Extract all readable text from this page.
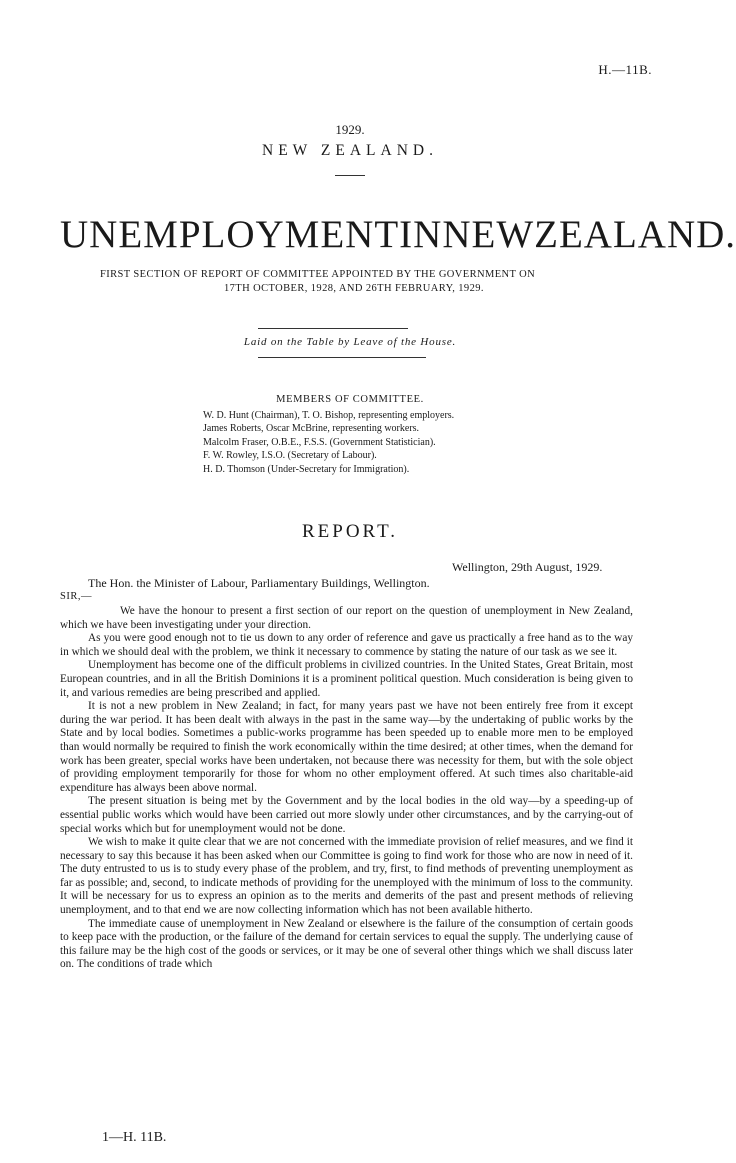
H.—11B.
1929.
NEW ZEALAND.
UNEMPLOYMENT IN NEW ZEALAND.
FIRST SECTION OF REPORT OF COMMITTEE APPOINTED BY THE GOVERNMENT ON
17TH OCTOBER, 1928, AND 26TH FEBRUARY, 1929.
Laid on the Table by Leave of the House.
MEMBERS OF COMMITTEE.
W. D. Hunt (Chairman), T. O. Bishop, representing employers.
James Roberts, Oscar McBrine, representing workers.
Malcolm Fraser, O.B.E., F.S.S. (Government Statistician).
F. W. Rowley, I.S.O. (Secretary of Labour).
H. D. Thomson (Under-Secretary for Immigration).
REPORT.
Wellington, 29th August, 1929.
The Hon. the Minister of Labour, Parliamentary Buildings, Wellington.
SIR,—

We have the honour to present a first section of our report on the question of unemployment in New Zealand, which we have been investigating under your direction.

As you were good enough not to tie us down to any order of reference and gave us practically a free hand as to the way in which we should deal with the problem, we think it necessary to commence by stating the nature of our task as we see it.

Unemployment has become one of the difficult problems in civilized countries. In the United States, Great Britain, most European countries, and in all the British Dominions it is a prominent political question. Much consideration is being given to it, and various remedies are being prescribed and applied.

It is not a new problem in New Zealand; in fact, for many years past we have not been entirely free from it except during the war period. It has been dealt with always in the past in the same way—by the undertaking of public works by the State and by local bodies. Sometimes a public-works programme has been speeded up to enable more men to be employed than would normally be required to finish the work economically within the time desired; at other times, when the demand for work has been greater, special works have been undertaken, not because there was necessity for them, but with the sole object of providing employment temporarily for those for whom no other employment offered. At such times also charitable-aid expenditure has always been above normal.

The present situation is being met by the Government and by the local bodies in the old way—by a speeding-up of essential public works which would have been carried out more slowly under other circumstances, and by the carrying-out of special works which but for unemployment would not be done.

We wish to make it quite clear that we are not concerned with the immediate provision of relief measures, and we find it necessary to say this because it has been asked when our Committee is going to find work for those who are now in need of it. The duty entrusted to us is to study every phase of the problem, and try, first, to find methods of preventing unemployment as far as possible; and, second, to indicate methods of providing for the unemployed with the minimum of loss to the community. It will be necessary for us to express an opinion as to the merits and demerits of the past and present methods of relieving unemployment, and to that end we are now collecting information which has not been available hitherto.

The immediate cause of unemployment in New Zealand or elsewhere is the failure of the consumption of certain goods to keep pace with the production, or the failure of the demand for certain services to equal the supply. The underlying cause of this failure may be the high cost of the goods or services, or it may be one of several other things which we shall discuss later on. The conditions of trade which

1—H. 11B.
